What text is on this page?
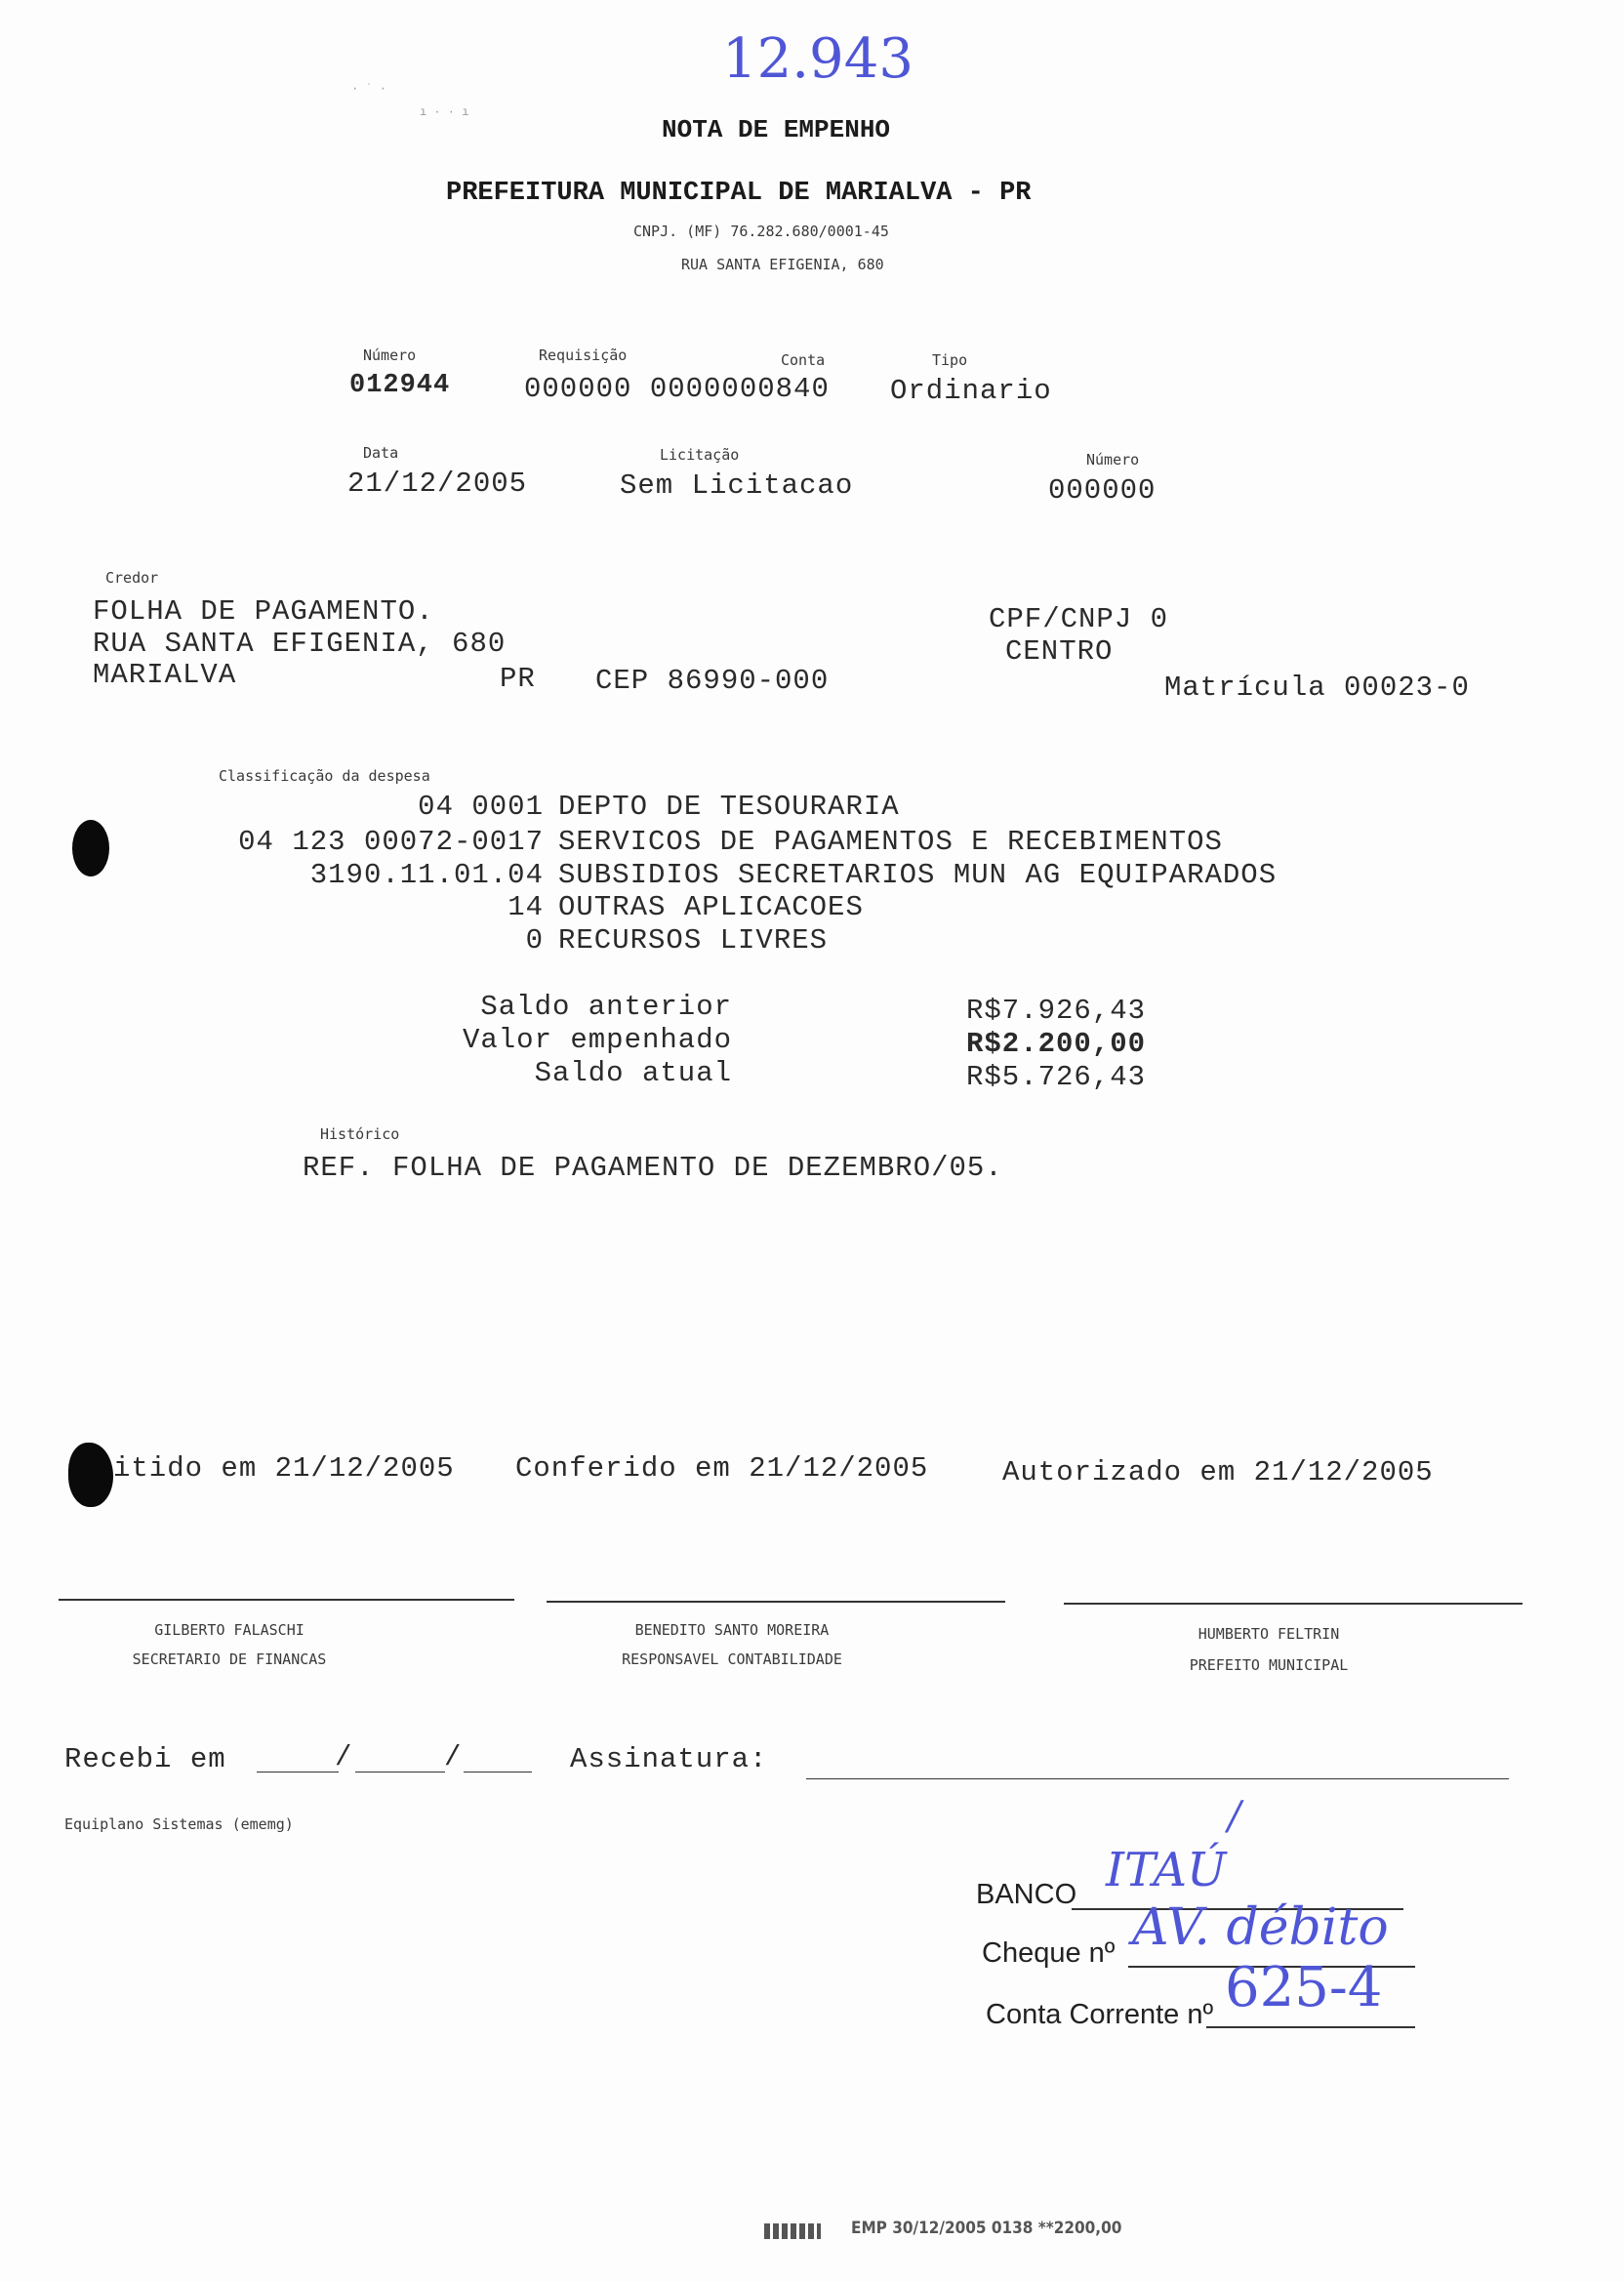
∙ ˙ ·
ı · · ı
12.943
NOTA DE EMPENHO
PREFEITURA MUNICIPAL DE MARIALVA - PR
CNPJ. (MF) 76.282.680/0001-45
RUA SANTA EFIGENIA, 680
Número
012944
Requisição	Conta
000000 0000000840
Tipo
Ordinario
Data
21/12/2005
Licitação
Sem Licitacao
Número
000000
Credor
FOLHA DE PAGAMENTO.
RUA SANTA EFIGENIA, 680
MARIALVA	PR CEP 86990-000
CPF/CNPJ 0
CENTRO
Matrícula 00023-0
Classificação da despesa
04 0001 DEPTO DE TESOURARIA
04 123 00072-0017 SERVICOS DE PAGAMENTOS E RECEBIMENTOS
3190.11.01.04 SUBSIDIOS SECRETARIOS MUN AG EQUIPARADOS
14 OUTRAS APLICACOES
0 RECURSOS LIVRES
Saldo anterior	R$7.926,43
Valor empenhado	R$2.200,00
Saldo atual	R$5.726,43
Histórico
REF. FOLHA DE PAGAMENTO DE DEZEMBRO/05.
itido em 21/12/2005 Conferido em 21/12/2005	Autorizado em 21/12/2005
GILBERTO FALASCHI
SECRETARIO DE FINANCAS
BENEDITO SANTO MOREIRA
RESPONSAVEL CONTABILIDADE
HUMBERTO FELTRIN
PREFEITO MUNICIPAL
Recebi em	/	/	Assinatura:
Equiplano Sistemas (ememg)
BANCO ITAÚ
/
Cheque nº AV. débito
Conta Corrente nº 625-4
EMP 30/12/2005 0138 **2200,00
